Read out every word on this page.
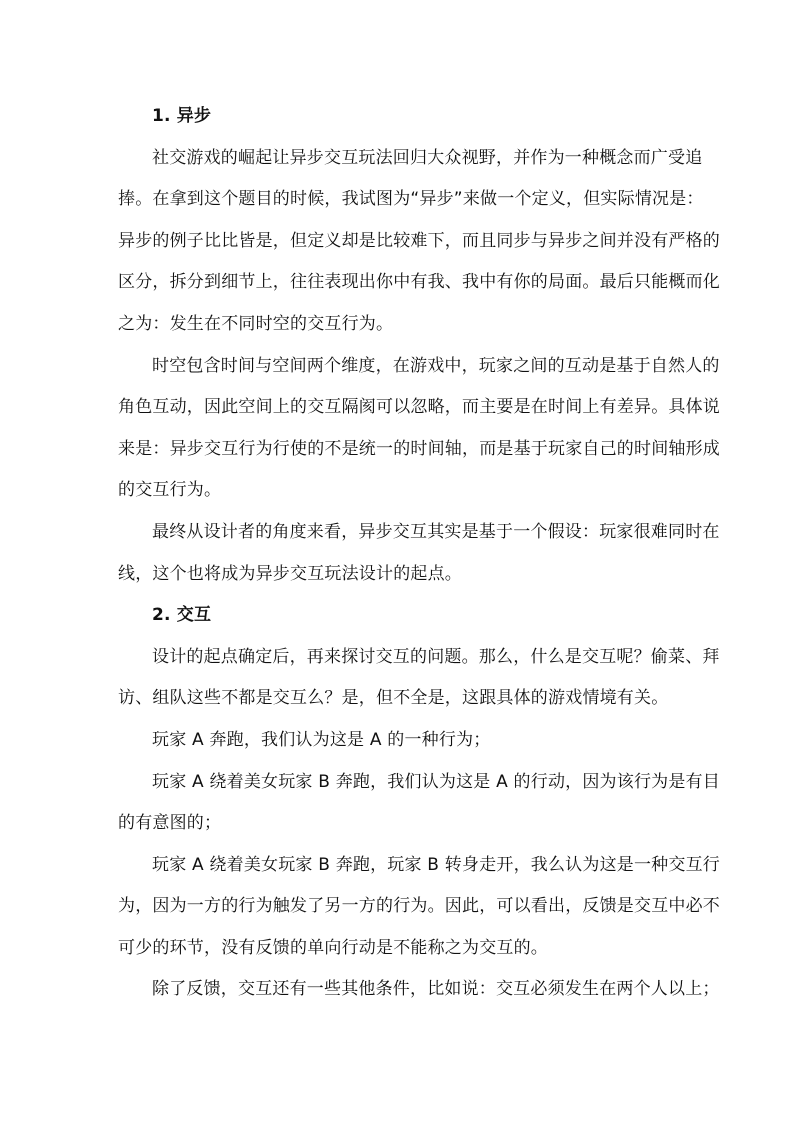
1. 异步
社交游戏的崛起让异步交互玩法回归大众视野，并作为一种概念而广受追
捧。在拿到这个题目的时候，我试图为“异步”来做一个定义，但实际情况是：
异步的例子比比皆是，但定义却是比较难下，而且同步与异步之间并没有严格的
区分，拆分到细节上，往往表现出你中有我、我中有你的局面。最后只能概而化
之为：发生在不同时空的交互行为。
时空包含时间与空间两个维度，在游戏中，玩家之间的互动是基于自然人的
角色互动，因此空间上的交互隔阂可以忽略，而主要是在时间上有差异。具体说
来是：异步交互行为行使的不是统一的时间轴，而是基于玩家自己的时间轴形成
的交互行为。
最终从设计者的角度来看，异步交互其实是基于一个假设：玩家很难同时在
线，这个也将成为异步交互玩法设计的起点。
2. 交互
设计的起点确定后，再来探讨交互的问题。那么，什么是交互呢？偷菜、拜
访、组队这些不都是交互么？是，但不全是，这跟具体的游戏情境有关。
玩家 A 奔跑，我们认为这是 A 的一种行为；
玩家 A 绕着美女玩家 B 奔跑，我们认为这是 A 的行动，因为该行为是有目
的有意图的；
玩家 A 绕着美女玩家 B 奔跑，玩家 B 转身走开，我么认为这是一种交互行
为，因为一方的行为触发了另一方的行为。因此，可以看出，反馈是交互中必不
可少的环节，没有反馈的单向行动是不能称之为交互的。
除了反馈，交互还有一些其他条件，比如说：交互必须发生在两个人以上；
